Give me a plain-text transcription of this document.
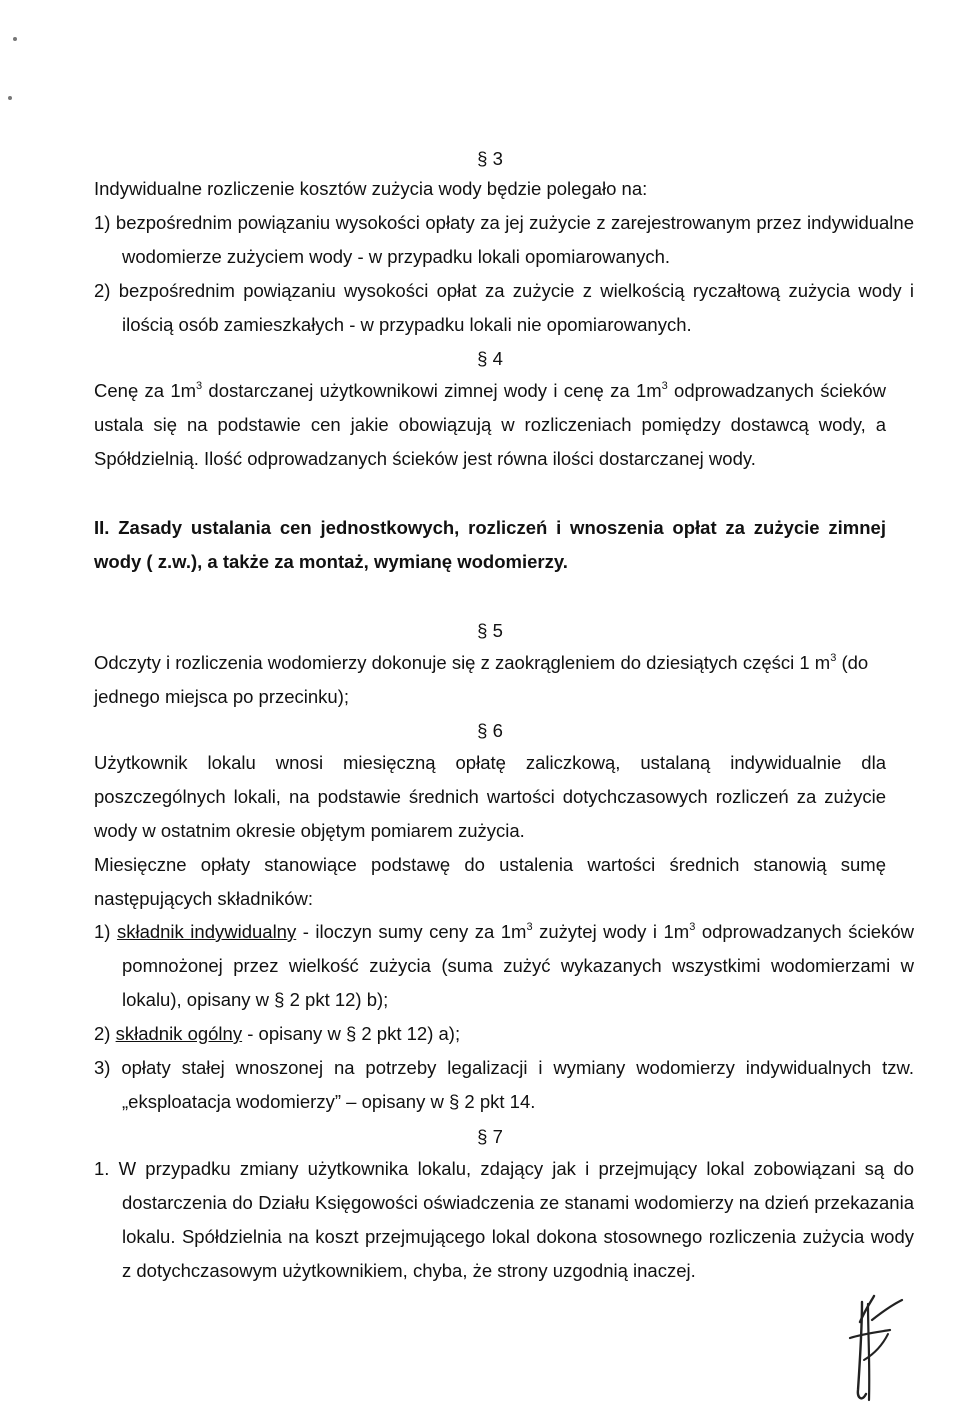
§ 3

Indywidualne rozliczenie kosztów zużycia wody będzie polegało na:

1) bezpośrednim powiązaniu wysokości opłaty za jej zużycie z zarejestrowanym przez indywidualne wodomierze zużyciem wody - w przypadku lokali opomiarowanych.

2) bezpośrednim powiązaniu wysokości opłat za zużycie z wielkością ryczałtową zużycia wody i ilością osób zamieszkałych - w przypadku lokali nie opomiarowanych.

§ 4

Cenę za $1m^3$ dostarczanej użytkownikowi zimnej wody i cenę za $1m^3$ odprowadzanych ścieków ustala się na podstawie cen jakie obowiązują w rozliczeniach pomiędzy dostawcą wody, a Spółdzielnią. Ilość odprowadzanych ścieków jest równa ilości dostarczanej wody.

II. Zasady ustalania cen jednostkowych, rozliczeń i wnoszenia opłat za zużycie zimnej wody ( z.w.), a także za montaż, wymianę wodomierzy.

§ 5

Odczyty i rozliczenia wodomierzy dokonuje się z zaokrągleniem do dziesiątych części 1 $m^3$ (do jednego miejsca po przecinku);

§ 6

Użytkownik lokalu wnosi miesięczną opłatę zaliczkową, ustalaną indywidualnie dla poszczególnych lokali, na podstawie średnich wartości dotychczasowych rozliczeń za zużycie wody w ostatnim okresie objętym pomiarem zużycia.

Miesięczne opłaty stanowiące podstawę do ustalenia wartości średnich stanowią sumę następujących składników:

1) składnik indywidualny - iloczyn sumy ceny za $1m^3$ zużytej wody i $1m^3$ odprowadzanych ścieków pomnożonej przez wielkość zużycia (suma zużyć wykazanych wszystkimi wodomierzami w lokalu), opisany w § 2 pkt 12) b);

2) składnik ogólny - opisany w § 2 pkt 12) a);

3) opłaty stałej wnoszonej na potrzeby legalizacji i wymiany wodomierzy indywidualnych tzw. „eksploatacja wodomierzy” – opisany w § 2 pkt 14.

§ 7

1. W przypadku zmiany użytkownika lokalu, zdający jak i przejmujący lokal zobowiązani są do dostarczenia do Działu Księgowości oświadczenia ze stanami wodomierzy na dzień przekazania lokalu. Spółdzielnia na koszt przejmującego lokal dokona stosownego rozliczenia zużycia wody z dotychczasowym użytkownikiem, chyba, że strony uzgodnią inaczej.
